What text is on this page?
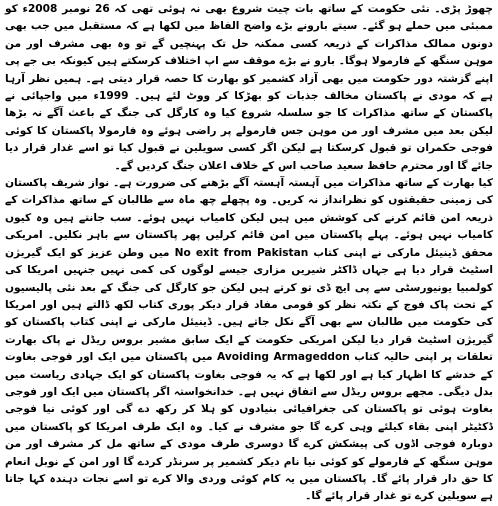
چھوڑ پڑی۔ نئی حکومت کے ساتھ بات چیت شروع بھی نہ ہوئی تھی کہ 26 نومبر 2008ء کو ممبئی میں حملے ہو گئے۔ سیتے بارونے بڑے واضح الفاظ میں لکھا ہے کہ مستقبل میں جب بھی دونوں ممالک مذاکرات کے ذریعہ کسی ممکنہ حل تک پہنچیں گے تو وہ بھی مشرف اور من موہن سنگھ کے فارمولا ہوگا۔ بارو نے بڑے موقف سے اپ اختلاف کرسکتے ہیں کیونکہ بی جے پی اپنے گزشتہ دور حکومت میں بھی آزاد کشمیر کو بھارت کا حصہ قرار دیتی ہے۔ ہمیں نظر آرہا ہے کہ مودی نے پاکستان مخالف جذبات کو بھڑکا کر ووٹ لئے ہیں۔ 1999ء میں واجپائی نے پاکستان کے ساتھ مذاکرات کا جو سلسلہ شروع کیا وہ کارگل کی جنگ کے باعث آگے نہ بڑھا لیکن بعد میں مشرف اور من موہن جس فارمولے پر راضی ہوئے وہ فارمولا پاکستان کا کوئی فوجی حکمران تو قبول کرسکتا ہے لیکن اگر کسی سویلین نے قبول کیا تو اسے غدار قرار دیا جائے گا اور محترم حافظ سعید صاحب اس کے خلاف اعلان جنگ کردیں گے۔

کیا بھارت کے ساتھ مذاکرات میں آہستہ آہستہ آگے بڑھنے کی ضرورت ہے۔ نواز شریف پاکستان کی زمینی حقیقتوں کو نظرانداز نہ کریں۔ وہ پچھلے چھ ماہ سے طالبان کے ساتھ مذاکرات کے ذریعہ امن قائم کرنے کی کوشش میں ہیں لیکن کامیاب نہیں ہوئے۔ سب جانتے ہیں وہ کیوں کامیاب نہیں ہوئے۔ پہلے پاکستان میں امن قائم کرلیں پھر پاکستان سے باہر نکلیں۔ امریکی محقق ڈینیئل مارکی نے اپنی کتاب No exit from Pakistan میں وطن عزیز کو ایک گیریژن اسٹیٹ قرار دیا ہے جہاں ڈاکٹر شیریں مزاری جیسے لوگوں کی کمی نہیں جنہیں امریکا کی کولمبیا یونیورسٹی سے پی ایچ ڈی تو کرتے ہیں لیکن جو کارگل کی جنگ کے بعد نئی پالیسیوں کے تحت پاک فوج کے نکتہ نظر کو قومی مفاد قرار دیکر پوری کتاب لکھ ڈالتے ہیں اور امریکا کی حکومت میں طالبان سے بھی آگے نکل جاتے ہیں۔ ڈینیئل مارکی نے اپنی کتاب پاکستان کو گیریژن اسٹیٹ قرار دیا لیکن امریکی حکومت کے ایک سابق مشیر بروس ریڈل نے پاک بھارت تعلقات پر اپنی حالیہ کتاب Avoiding Armageddon میں پاکستان میں ایک اور فوجی بغاوت کے خدشے کا اظہار کیا ہے اور لکھا ہے کہ یہ فوجی بغاوت پاکستان کو ایک جہادی ریاست میں بدل دیگی۔ مجھے بروس ریڈل سے اتفاق نہیں ہے۔ خدانخواستہ اگر پاکستان میں ایک اور فوجی بغاوت ہوئی تو پاکستان کی جغرافیائی بنیادوں کو ہلا کر رکھ دے گی اور کوئی نیا فوجی ڈکٹیٹر اپنی بقاء کیلئے وہی کرے گا جو مشرف نے کیا۔ وہ ایک طرف امریکا کو پاکستان میں دوبارہ فوجی اڈوں کی پیشکش کرے گا دوسری طرف مودی کے ساتھ مل کر مشرف اور من موہن سنگھ کے فارمولے کو کوئی نیا نام دیکر کشمیر پر سرنڈر کردے گا اور امن کے نوبل انعام کا حق دار قرار پائے گا۔ پاکستان میں یہ کام کوئی وردی والا کرے تو اسے نجات دہندہ کہا جاتا ہے سویلین کرے تو غدار قرار پائے گا۔
